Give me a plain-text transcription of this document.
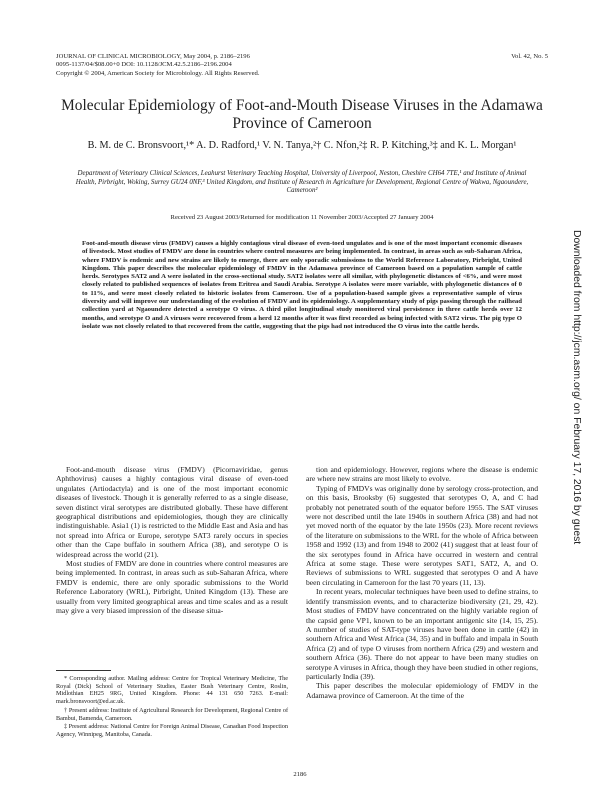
JOURNAL OF CLINICAL MICROBIOLOGY, May 2004, p. 2186–2196
0095-1137/04/$08.00+0 DOI: 10.1128/JCM.42.5.2186–2196.2004
Copyright © 2004, American Society for Microbiology. All Rights Reserved.
Vol. 42, No. 5
Molecular Epidemiology of Foot-and-Mouth Disease Viruses in the Adamawa Province of Cameroon
B. M. de C. Bronsvoort,¹* A. D. Radford,¹ V. N. Tanya,²† C. Nfon,²‡ R. P. Kitching,³‡ and K. L. Morgan¹
Department of Veterinary Clinical Sciences, Leahurst Veterinary Teaching Hospital, University of Liverpool, Neston, Cheshire CH64 7TE,¹ and Institute of Animal Health, Pirbright, Woking, Surrey GU24 0NF,³ United Kingdom, and Institute of Research in Agriculture for Development, Regional Centre of Wakwa, Ngaoundere, Cameroon²
Received 23 August 2003/Returned for modification 11 November 2003/Accepted 27 January 2004

Foot-and-mouth disease virus (FMDV) causes a highly contagious viral disease of even-toed ungulates and is one of the most important economic diseases of livestock. Most studies of FMDV are done in countries where control measures are being implemented. In contrast, in areas such as sub-Saharan Africa, where FMDV is endemic and new strains are likely to emerge, there are only sporadic submissions to the World Reference Laboratory, Pirbright, United Kingdom. This paper describes the molecular epidemiology of FMDV in the Adamawa province of Cameroon based on a population sample of cattle herds. Serotypes SAT2 and A were isolated in the cross-sectional study. SAT2 isolates were all similar, with phylogenetic distances of <6%, and were most closely related to published sequences of isolates from Eritrea and Saudi Arabia. Serotype A isolates were more variable, with phylogenetic distances of 0 to 11%, and were most closely related to historic isolates from Cameroon. Use of a population-based sample gives a representative sample of virus diversity and will improve our understanding of the evolution of FMDV and its epidemiology. A supplementary study of pigs passing through the railhead collection yard at Ngaoundere detected a serotype O virus. A third pilot longitudinal study monitored viral persistence in three cattle herds over 12 months, and serotype O and A viruses were recovered from a herd 12 months after it was first recorded as being infected with SAT2 virus. The pig type O isolate was not closely related to that recovered from the cattle, suggesting that the pigs had not introduced the O virus into the cattle herds.

Foot-and-mouth disease virus (FMDV) (Picornaviridae, genus Aphthovirus) causes a highly contagious viral disease of even-toed ungulates (Artiodactyla) and is one of the most important economic diseases of livestock. Though it is generally referred to as a single disease, seven distinct viral serotypes are distributed globally. These have different geographical distributions and epidemiologies, though they are clinically indistinguishable. Asia1 (1) is restricted to the Middle East and Asia and has not spread into Africa or Europe, serotype SAT3 rarely occurs in species other than the Cape buffalo in southern Africa (38), and serotype O is widespread across the world (21).

Most studies of FMDV are done in countries where control measures are being implemented. In contrast, in areas such as sub-Saharan Africa, where FMDV is endemic, there are only sporadic submissions to the World Reference Laboratory (WRL), Pirbright, United Kingdom (13). These are usually from very limited geographical areas and time scales and as a result may give a very biased impression of the disease situa-

tion and epidemiology. However, regions where the disease is endemic are where new strains are most likely to evolve.

Typing of FMDVs was originally done by serology cross-protection, and on this basis, Brooksby (6) suggested that serotypes O, A, and C had probably not penetrated south of the equator before 1955. The SAT viruses were not described until the late 1940s in southern Africa (38) and had not yet moved north of the equator by the late 1950s (23). More recent reviews of the literature on submissions to the WRL for the whole of Africa between 1958 and 1992 (13) and from 1948 to 2002 (41) suggest that at least four of the six serotypes found in Africa have occurred in western and central Africa at some stage. These were serotypes SAT1, SAT2, A, and O. Reviews of submissions to WRL suggested that serotypes O and A have been circulating in Cameroon for the last 70 years (11, 13).

In recent years, molecular techniques have been used to define strains, to identify transmission events, and to characterize biodiversity (21, 29, 42). Most studies of FMDV have concentrated on the highly variable region of the capsid gene VP1, known to be an important antigenic site (14, 15, 25). A number of studies of SAT-type viruses have been done in cattle (42) in southern Africa and West Africa (34, 35) and in buffalo and impala in South Africa (2) and of type O viruses from northern Africa (29) and western and southern Africa (36). There do not appear to have been many studies on serotype A viruses in Africa, though they have been studied in other regions, particularly India (39).

This paper describes the molecular epidemiology of FMDV in the Adamawa province of Cameroon. At the time of the

* Corresponding author. Mailing address: Centre for Tropical Veterinary Medicine, The Royal (Dick) School of Veterinary Studies, Easter Bush Veterinary Centre, Roslin, Midlothian EH25 9RG, United Kingdom. Phone: 44 131 650 7263. E-mail: mark.bronsvoort@ed.ac.uk.

† Present address: Institute of Agricultural Research for Development, Regional Centre of Bambui, Bamenda, Cameroon.

‡ Present address: National Centre for Foreign Animal Disease, Canadian Food Inspection Agency, Winnipeg, Manitoba, Canada.

2186
Downloaded from http://jcm.asm.org/ on February 17, 2016 by guest
